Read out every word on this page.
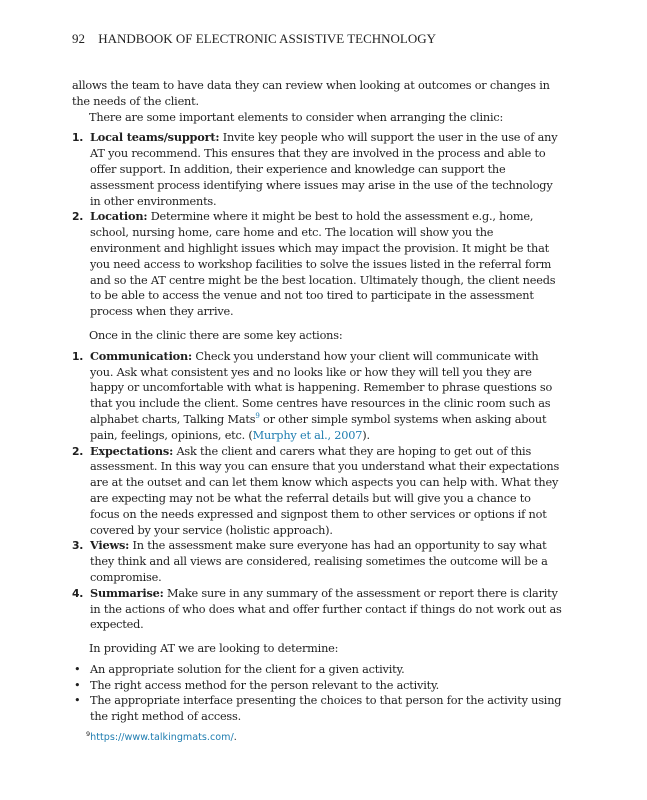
92 HANDBOOK OF ELECTRONIC ASSISTIVE TECHNOLOGY

allows the team to have data they can review when looking at outcomes or changes in the needs of the client.

There are some important elements to consider when arranging the clinic:

1. Local teams/support: Invite key people who will support the user in the use of any AT you recommend. This ensures that they are involved in the process and able to offer support. In addition, their experience and knowledge can support the assessment process identifying where issues may arise in the use of the technology in other environments.
2. Location: Determine where it might be best to hold the assessment e.g., home, school, nursing home, care home and etc. The location will show you the environment and highlight issues which may impact the provision. It might be that you need access to workshop facilities to solve the issues listed in the referral form and so the AT centre might be the best location. Ultimately though, the client needs to be able to access the venue and not too tired to participate in the assessment process when they arrive.

Once in the clinic there are some key actions:

1. Communication: Check you understand how your client will communicate with you. Ask what consistent yes and no looks like or how they will tell you they are happy or uncomfortable with what is happening. Remember to phrase questions so that you include the client. Some centres have resources in the clinic room such as alphabet charts, Talking Mats$^9$ or other simple symbol systems when asking about pain, feelings, opinions, etc. (Murphy et al., 2007).
2. Expectations: Ask the client and carers what they are hoping to get out of this assessment. In this way you can ensure that you understand what their expectations are at the outset and can let them know which aspects you can help with. What they are expecting may not be what the referral details but will give you a chance to focus on the needs expressed and signpost them to other services or options if not covered by your service (holistic approach).
3. Views: In the assessment make sure everyone has had an opportunity to say what they think and all views are considered, realising sometimes the outcome will be a compromise.
4. Summarise: Make sure in any summary of the assessment or report there is clarity in the actions of who does what and offer further contact if things do not work out as expected.

In providing AT we are looking to determine:

• An appropriate solution for the client for a given activity.
• The right access method for the person relevant to the activity.
• The appropriate interface presenting the choices to that person for the activity using the right method of access.
$^9$https://www.talkingmats.com/.
